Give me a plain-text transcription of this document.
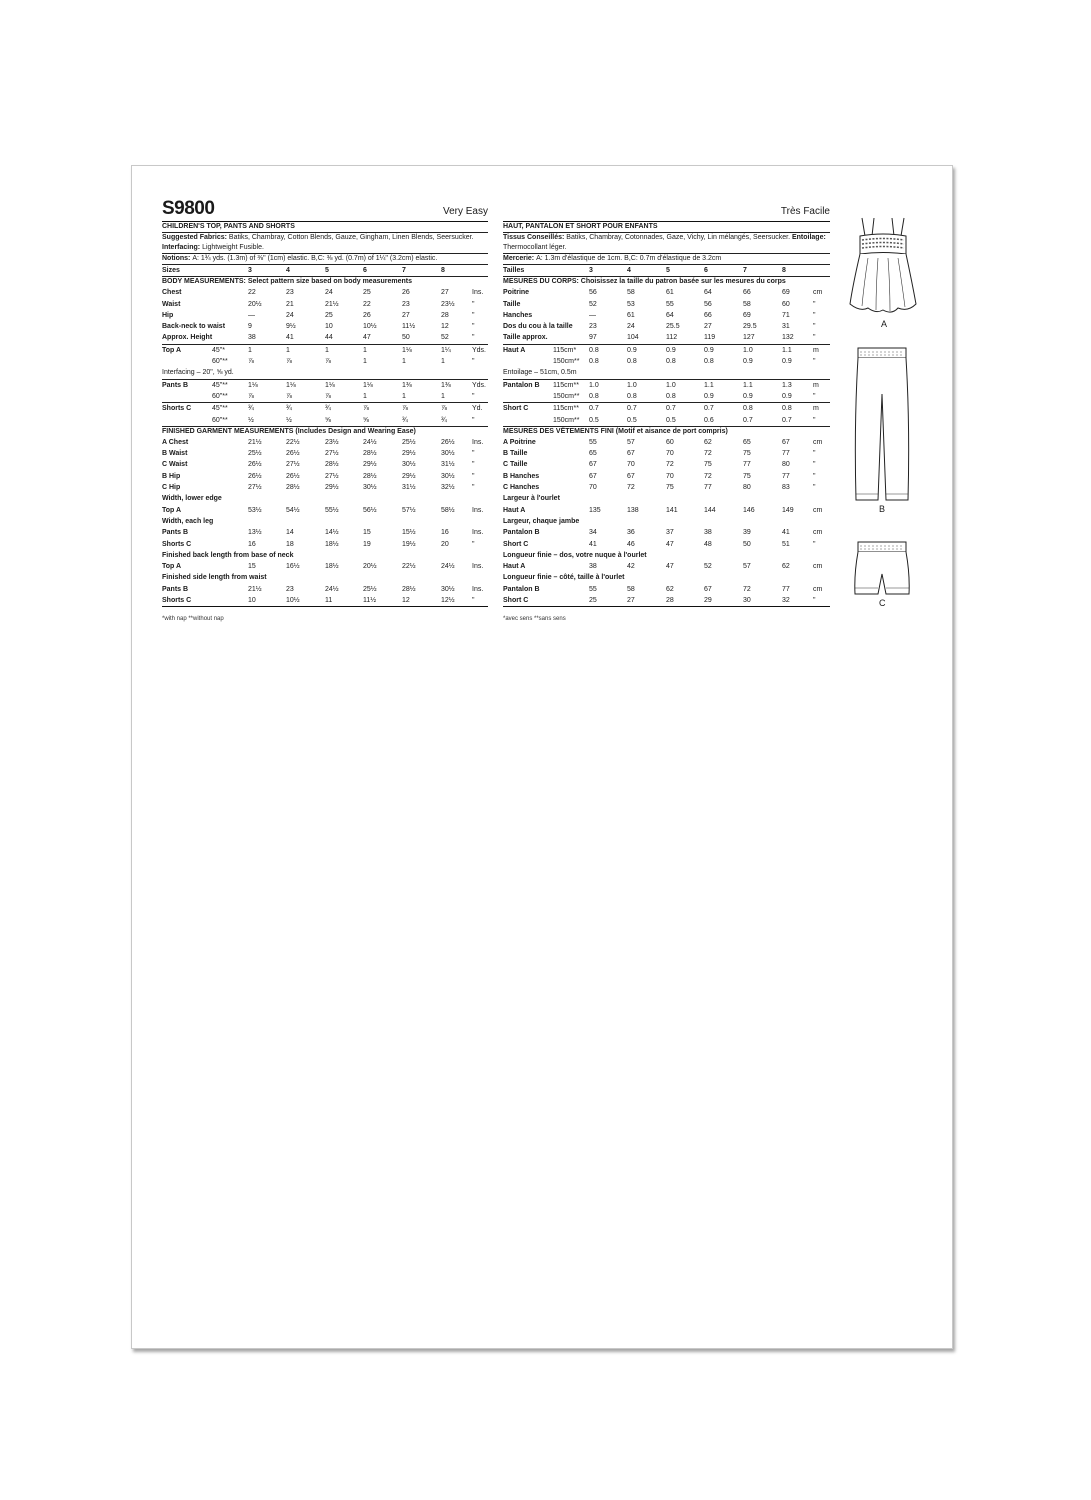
S9800	Very Easy
CHILDREN'S TOP, PANTS AND SHORTS
Suggested Fabrics: Batiks, Chambray, Cotton Blends, Gauze, Gingham, Linen Blends, Seersucker. Interfacing: Lightweight Fusible.
Notions: A: 1¾ yds. (1.3m) of ⅜" (1cm) elastic. B,C: ⅜ yd. (0.7m) of 1¼" (3.2cm) elastic.
Sizes	3	4	5	6	7	8
BODY MEASUREMENTS: Select pattern size based on body measurements
Chest	22	23	24	25	26	27	Ins.
Waist	20½	21	21½	22	23	23½ "
Hip	—	24	25	26	27	28	"
Back-neck to waist	9	9½	10	10½	11½	12	"
Approx. Height	38	41	44	47	50	52	"
Top A	45"*	1	1	1	1	1⅛	1¼	Yds.
60"**	⅞	⅞	⅞	1	1	1	"
Interfacing – 20", ⅝ yd.
Pants B	45"**	1⅛	1⅛	1⅛	1⅛	1⅜	1⅜	Yds.
60"**	⅞	⅞	⅞	1	1	1	"
Shorts C	45"**	¾	¾	¾	⅞	⅞	⅞	Yd.
60"**	½	½	⅝	⅝	¾	¾	"
FINISHED GARMENT MEASUREMENTS (Includes Design and Wearing Ease)
A Chest	21½	22½	23½	24½	25½	26½ Ins.
B Waist	25½	26½	27½	28½	29½	30½ "
C Waist	26½	27½	28½	29½	30½	31½ "
B Hip	26½	26½	27½	28½	29½	30½ "
C Hip	27½	28½	29½	30½	31½	32½ "
Width, lower edge
Top A	53½	54½	55½	56½	57½	58½ Ins.
Width, each leg
Pants B	13½	14	14½	15	15½	16	Ins.
Shorts C	16	18	18½	19	19½	20	"
Finished back length from base of neck
Top A	15	16½	18½	20½	22½	24½ Ins.
Finished side length from waist
Pants B	21½	23	24½	25½	28½	30½ Ins.
Shorts C	10	10½	11	11½	12	12½ "
*with nap **without nap
Très Facile
HAUT, PANTALON ET SHORT POUR ENFANTS
Tissus Conseillés: Batiks, Chambray, Cotonnades, Gaze, Vichy, Lin mélangés, Seersucker. Entoilage: Thermocollant léger.
Mercerie: A: 1.3m d'élastique de 1cm. B,C: 0.7m d'élastique de 3.2cm
Tailles	3	4	5	6	7	8
MESURES DU CORPS: Choisissez la taille du patron basée sur les mesures du corps
Poitrine	56	58	61	64	66	69	cm
Taille	52	53	55	56	58	60	"
Hanches	—	61	64	66	69	71	"
Dos du cou à la taille 23	24	25.5	27	29.5	31	"
Taille approx.	97	104	112	119	127	132	"
Haut A	115cm* 0.8	0.9	0.9	0.9	1.0	1.1	m
150cm** 0.8	0.8	0.8	0.8	0.9	0.9	"
Entoilage – 51cm, 0.5m
Pantalon B 115cm** 1.0	1.0	1.0	1.1	1.1	1.3	m
150cm** 0.8	0.8	0.8	0.9	0.9	0.9	"
Short C	115cm** 0.7	0.7	0.7	0.7	0.8	0.8	m
150cm** 0.5	0.5	0.5	0.6	0.7	0.7	"
MESURES DES VÊTEMENTS FINI (Motif et aisance de port compris)
A Poitrine	55	57	60	62	65	67	cm
B Taille	65	67	70	72	75	77	"
C Taille	67	70	72	75	77	80	"
B Hanches	67	67	70	72	75	77	"
C Hanches	70	72	75	77	80	83	"
Largeur à l'ourlet
Haut A	135	138	141	144	146	149	cm
Largeur, chaque jambe
Pantalon B	34	36	37	38	39	41	cm
Short C	41	46	47	48	50	51	"
Longueur finie – dos, votre nuque à l'ourlet
Haut A	38	42	47	52	57	62	cm
Longueur finie – côté, taille à l'ourlet
Pantalon B	55	58	62	67	72	77	cm
Short C	25	27	28	29	30	32	"
*avec sens **sans sens
A
B
C
